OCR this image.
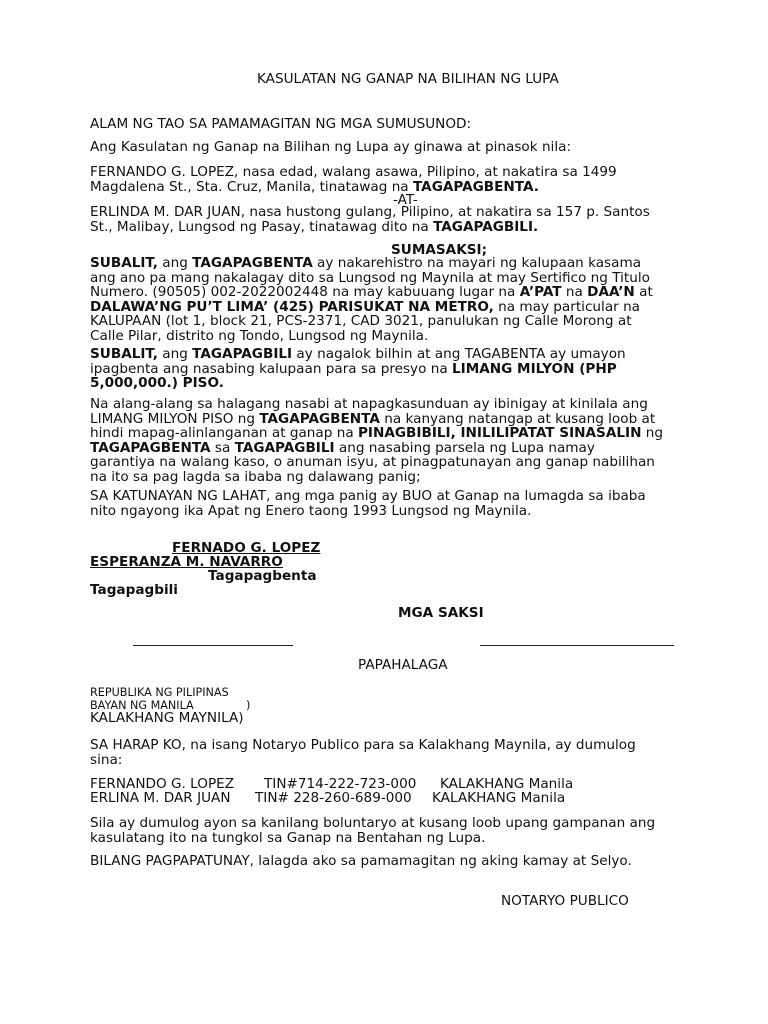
KASULATAN NG GANAP NA BILIHAN NG LUPA
ALAM NG TAO SA PAMAMAGITAN NG MGA SUMUSUNOD:
Ang Kasulatan ng Ganap na Bilihan ng Lupa ay ginawa at pinasok nila:
FERNANDO G. LOPEZ, nasa edad, walang asawa, Pilipino, at nakatira sa 1499
Magdalena St., Sta. Cruz, Manila, tinatawag na TAGAPAGBENTA.
-AT-
ERLINDA M. DAR JUAN, nasa hustong gulang, Pilipino, at nakatira sa 157 p. Santos
St., Malibay, Lungsod ng Pasay, tinatawag dito na TAGAPAGBILI.
SUMASAKSI;
SUBALIT, ang TAGAPAGBENTA ay nakarehistro na mayari ng kalupaan kasama
ang ano pa mang nakalagay dito sa Lungsod ng Maynila at may Sertifico ng Titulo
Numero. (90505) 002-2022002448 na may kabuuang lugar na A’PAT na DAA’N at
DALAWA’NG PU’T LIMA’ (425) PARISUKAT NA METRO, na may particular na
KALUPAAN (lot 1, block 21, PCS-2371, CAD 3021, panulukan ng Calle Morong at
Calle Pilar, distrito ng Tondo, Lungsod ng Maynila.
SUBALIT, ang TAGAPAGBILI ay nagalok bilhin at ang TAGABENTA ay umayon
ipagbenta ang nasabing kalupaan para sa presyo na LIMANG MILYON (PHP
5,000,000.) PISO.
Na alang-alang sa halagang nasabi at napagkasunduan ay ibinigay at kinilala ang
LIMANG MILYON PISO ng TAGAPAGBENTA na kanyang natangap at kusang loob at
hindi mapag-alinlanganan at ganap na PINAGBIBILI, INILILIPATAT SINASALIN ng
TAGAPAGBENTA sa TAGAPAGBILI ang nasabing parsela ng Lupa namay
garantiya na walang kaso, o anuman isyu, at pinagpatunayan ang ganap nabilihan
na ito sa pag lagda sa ibaba ng dalawang panig;
SA KATUNAYAN NG LAHAT, ang mga panig ay BUO at Ganap na lumagda sa ibaba
nito ngayong ika Apat ng Enero taong 1993 Lungsod ng Maynila.
FERNADO G. LOPEZ
ESPERANZA M. NAVARRO
Tagapagbenta
Tagapagbili
MGA SAKSI
PAPAHALAGA
REPUBLIKA NG PILIPINAS
BAYAN NG MANILA	)
KALAKHANG MAYNILA)
SA HARAP KO, na isang Notaryo Publico para sa Kalakhang Maynila, ay dumulog
sina:
FERNANDO G. LOPEZ TIN#714-222-723-000 KALAKHANG Manila
ERLINA M. DAR JUAN TIN# 228-260-689-000 KALAKHANG Manila
Sila ay dumulog ayon sa kanilang boluntaryo at kusang loob upang gampanan ang
kasulatang ito na tungkol sa Ganap na Bentahan ng Lupa.
BILANG PAGPAPATUNAY, lalagda ako sa pamamagitan ng aking kamay at Selyo.
NOTARYO PUBLICO
